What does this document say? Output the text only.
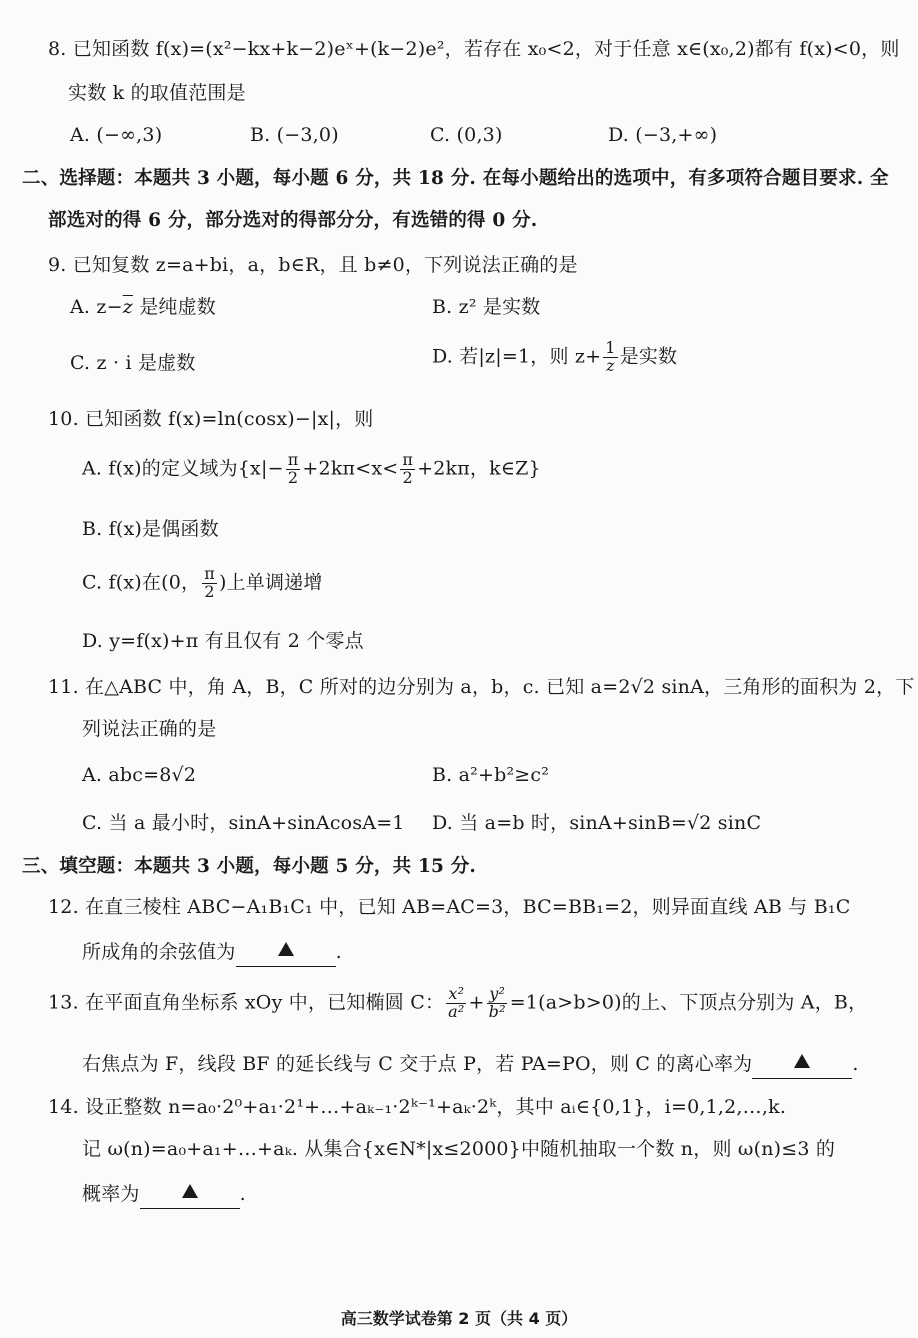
8. 已知函数 f(x)=(x²−kx+k−2)eˣ+(k−2)e²，若存在 x₀<2，对于任意 x∈(x₀,2)都有 f(x)<0，则
实数 k 的取值范围是
A. (−∞,3)	B. (−3,0)	C. (0,3)	D. (−3,+∞)
二、选择题：本题共 3 小题，每小题 6 分，共 18 分. 在每小题给出的选项中，有多项符合题目要求. 全
部选对的得 6 分，部分选对的得部分分，有选错的得 0 分.
9. 已知复数 z=a+bi，a，b∈R，且 b≠0，下列说法正确的是
A. $z-\overline{z}$ 是纯虚数	B. z² 是实数
C. z · i 是虚数	D. 若|z|=1，则 $z+ \frac{1}{z}$ 是实数
10. 已知函数 f(x)=ln(cosx)−|x|，则
A. f(x)的定义域为{$x|- \frac{\pi}{2} +2k\pi<x< \frac{\pi}{2} +2k\pi$，k∈Z}
B. f(x)是偶函数
C. f(x)在(0， $\frac{\pi}{2}$ )上单调递增
D. y=f(x)+π 有且仅有 2 个零点
11. 在△ABC 中，角 A，B，C 所对的边分别为 a，b，c. 已知 a=2√2 sinA，三角形的面积为 2，下
列说法正确的是
A. abc=8√2	B. a²+b²≥c²
C. 当 a 最小时，sinA+sinAcosA=1 D. 当 a=b 时，sinA+sinB=√2 sinC
三、填空题：本题共 3 小题，每小题 5 分，共 15 分.
12. 在直三棱柱 ABC−A₁B₁C₁ 中，已知 AB=AC=3，BC=BB₁=2，则异面直线 AB 与 B₁C
所成角的余弦值为	.
13. 在平面直角坐标系 xOy 中，已知椭圆 C： $\frac{\text{x²}}{\text{a²}} + \frac{\text{y²}}{\text{b²}} =1(a>b>0)$的上、下顶点分别为 A，B，
右焦点为 F，线段 BF 的延长线与 C 交于点 P，若 PA=PO，则 C 的离心率为	.
14. 设正整数 n=a₀·2⁰+a₁·2¹+…+aₖ₋₁·2ᵏ⁻¹+aₖ·2ᵏ，其中 aᵢ∈{0,1}，i=0,1,2,…,k.
记 ω(n)=a₀+a₁+…+aₖ. 从集合{x∈N*|x≤2000}中随机抽取一个数 n，则 ω(n)≤3 的
概率为	.
高三数学试卷第 2 页（共 4 页）
